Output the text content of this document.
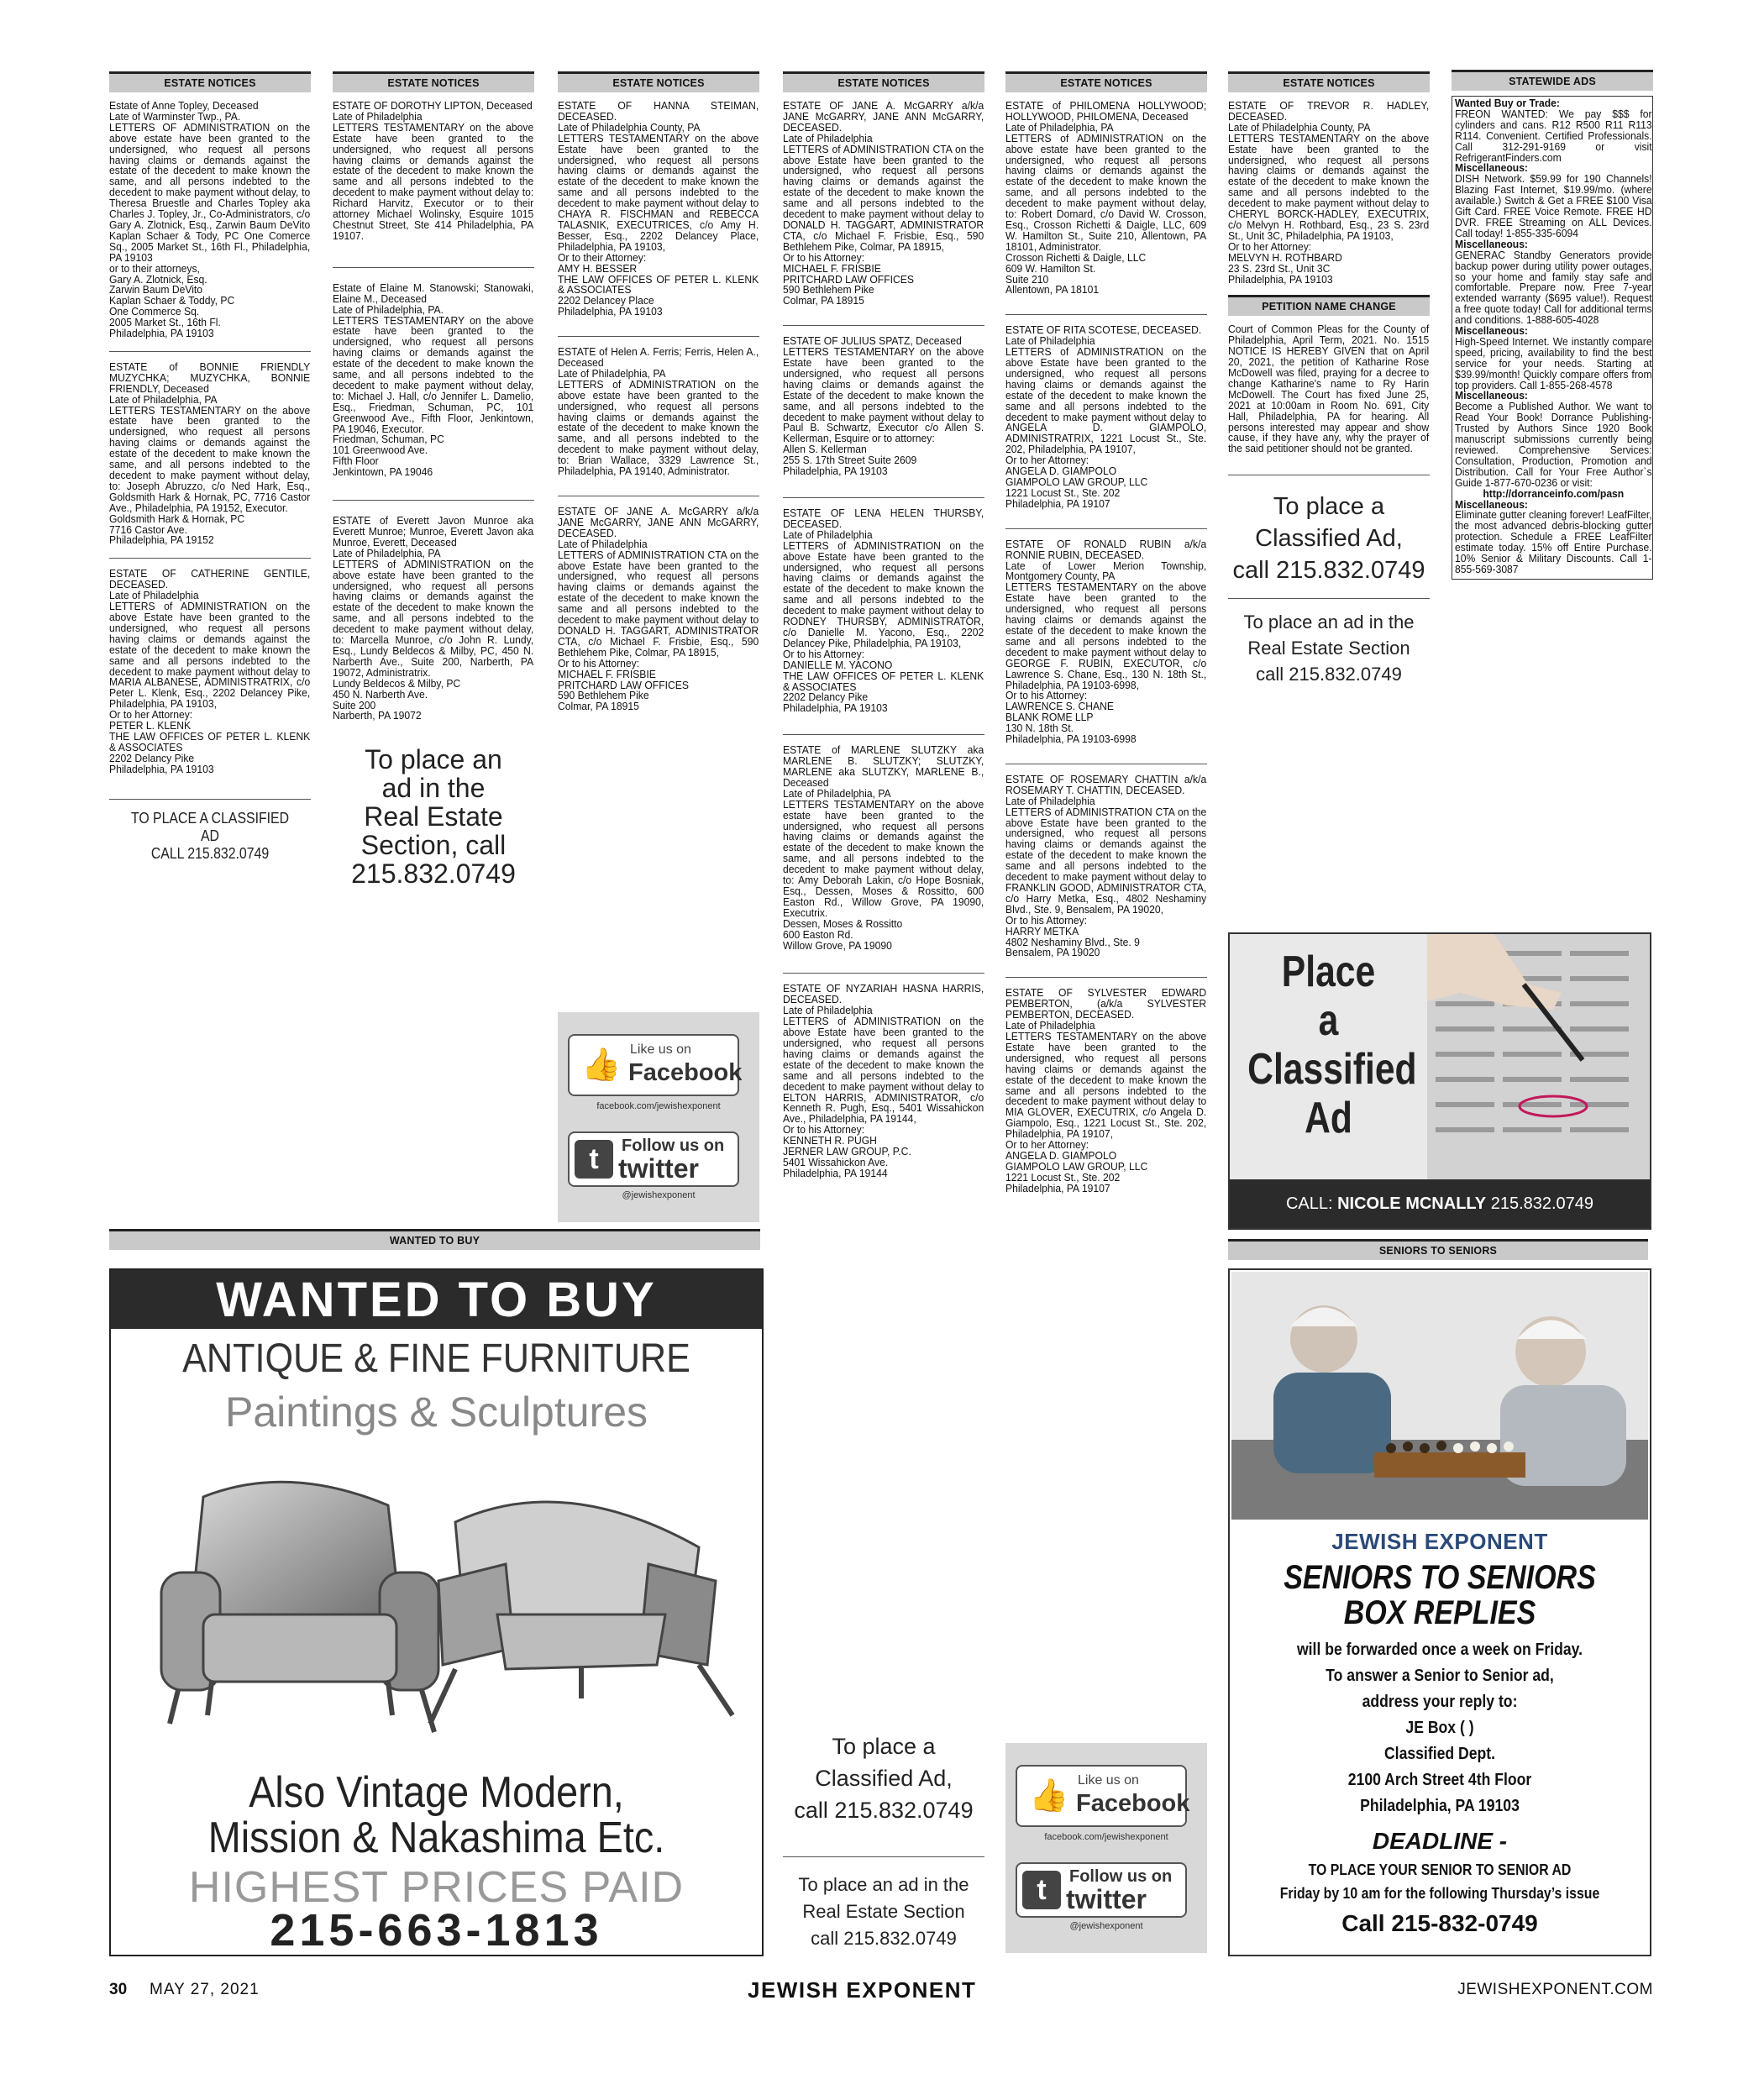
ESTATE NOTICES

Estate of Anne Topley, Deceased
Late of Warminster Twp., PA.
LETTERS OF ADMINISTRATION on the above estate have been granted to the undersigned, who request all persons having claims or demands against the estate of the decedent to make known the same, and all persons indebted to the decedent to make payment without delay, to Theresa Bruestle and Charles Topley aka Charles J. Topley, Jr., Co-Administrators, c/o Gary A. Zlotnick, Esq., Zarwin Baum DeVito Kaplan Schaer & Tody, PC One Comerce Sq., 2005 Market St., 16th Fl., Philadelphia, PA 19103
or to their attorneys,
Gary A. Zlotnick, Esq.
Zarwin Baum DeVito
Kaplan Schaer & Toddy, PC
One Commerce Sq.
2005 Market St., 16th Fl.
Philadelphia, PA 19103

ESTATE of BONNIE FRIENDLY MUZYCHKA; MUZYCHKA, BONNIE FRIENDLY, Deceased
Late of Philadelphia, PA
LETTERS TESTAMENTARY on the above estate have been granted to the undersigned, who request all persons having claims or demands against the estate of the decedent to make known the same, and all persons indebted to the decedent to make payment without delay, to: Joseph Abruzzo, c/o Ned Hark, Esq., Goldsmith Hark & Hornak, PC, 7716 Castor Ave., Philadelphia, PA 19152, Executor.
Goldsmith Hark & Hornak, PC
7716 Castor Ave.
Philadelphia, PA 19152

ESTATE OF CATHERINE GENTILE, DECEASED.
Late of Philadelphia
LETTERS of ADMINISTRATION on the above Estate have been granted to the undersigned, who request all persons having claims or demands against the estate of the decedent to make known the same and all persons indebted to the decedent to make payment without delay to MARIA ALBANESE, ADMINISTRATRIX, c/o Peter L. Klenk, Esq., 2202 Delancey Pike, Philadelphia, PA 19103,
Or to her Attorney:
PETER L. KLENK
THE LAW OFFICES OF PETER L. KLENK & ASSOCIATES
2202 Delancy Pike
Philadelphia, PA 19103

TO PLACE A CLASSIFIED AD
CALL 215.832.0749
ESTATE NOTICES

ESTATE OF DOROTHY LIPTON, Deceased
Late of Philadelphia
LETTERS TESTAMENTARY on the above Estate have been granted to the undersigned, who request all persons having claims or demands against the estate of the decedent to make known the same and all persons indebted to the decedent to make payment without delay to: Richard Harvitz, Executor or to their attorney Michael Wolinsky, Esquire 1015 Chestnut Street, Ste 414 Philadelphia, PA 19107.

Estate of Elaine M. Stanowski; Stanowaki, Elaine M., Deceased
Late of Philadelphia, PA.
LETTERS TESTAMENTARY on the above estate have been granted to the undersigned, who request all persons having claims or demands against the estate of the decedent to make known the same, and all persons indebted to the decedent to make payment without delay, to: Michael J. Hall, c/o Jennifer L. Damelio, Esq., Friedman, Schuman, PC, 101 Greenwood Ave., Fifth Floor, Jenkintown, PA 19046, Executor.
Friedman, Schuman, PC
101 Greenwood Ave.
Fifth Floor
Jenkintown, PA 19046

ESTATE of Everett Javon Munroe aka Everett Munroe; Munroe, Everett Javon aka Munroe, Everett, Deceased
Late of Philadelphia, PA
LETTERS of ADMINISTRATION on the above estate have been granted to the undersigned, who request all persons having claims or demands against the estate of the decedent to make known the same, and all persons indebted to the decedent to make payment without delay, to: Marcella Munroe, c/o John R. Lundy, Esq., Lundy Beldecos & Milby, PC, 450 N. Narberth Ave., Suite 200, Narberth, PA 19072, Administratrix.
Lundy Beldecos & Milby, PC
450 N. Narberth Ave.
Suite 200
Narberth, PA 19072

To place an
ad in the
Real Estate
Section, call
215.832.0749
ESTATE NOTICES

ESTATE OF HANNA STEIMAN, DECEASED.
Late of Philadelphia County, PA
LETTERS TESTAMENTARY on the above Estate have been granted to the undersigned, who request all persons having claims or demands against the estate of the decedent to make known the same and all persons indebted to the decedent to make payment without delay to CHAYA R. FISCHMAN and REBECCA TALASNIK, EXECUTRICES, c/o Amy H. Besser, Esq., 2202 Delancey Place, Philadelphia, PA 19103,
Or to their Attorney:
AMY H. BESSER
THE LAW OFFICES OF PETER L. KLENK & ASSOCIATES
2202 Delancey Place
Philadelphia, PA 19103

ESTATE of Helen A. Ferris; Ferris, Helen A., Deceased
Late of Philadelphia, PA
LETTERS of ADMINISTRATION on the above estate have been granted to the undersigned, who request all persons having claims or demands against the estate of the decedent to make known the same, and all persons indebted to the decedent to make payment without delay, to: Brian Wallace, 3329 Lawrence St., Philadelphia, PA 19140, Administrator.

ESTATE OF JANE A. McGARRY a/k/a JANE McGARRY, JANE ANN McGARRY, DECEASED.
Late of Philadelphia
LETTERS of ADMINISTRATION CTA on the above Estate have been granted to the undersigned, who request all persons having claims or demands against the estate of the decedent to make known the same and all persons indebted to the decedent to make payment without delay to DONALD H. TAGGART, ADMINISTRATOR CTA, c/o Michael F. Frisbie, Esq., 590 Bethlehem Pike, Colmar, PA 18915,
Or to his Attorney:
MICHAEL F. FRISBIE
PRITCHARD LAW OFFICES
590 Bethlehem Pike
Colmar, PA 18915

👍 Like us on
Facebook
facebook.com/jewishexponent
t	Follow us on
twitter
@jewishexponent
ESTATE NOTICES

ESTATE OF JANE A. McGARRY a/k/a JANE McGARRY, JANE ANN McGARRY, DECEASED.
Late of Philadelphia
LETTERS of ADMINISTRATION CTA on the above Estate have been granted to the undersigned, who request all persons having claims or demands against the estate of the decedent to make known the same and all persons indebted to the decedent to make payment without delay to DONALD H. TAGGART, ADMINISTRATOR CTA, c/o Michael F. Frisbie, Esq., 590 Bethlehem Pike, Colmar, PA 18915,
Or to his Attorney:
MICHAEL F. FRISBIE
PRITCHARD LAW OFFICES
590 Bethlehem Pike
Colmar, PA 18915

ESTATE OF JULIUS SPATZ, Deceased
LETTERS TESTAMENTARY on the above Estate have been granted to the undersigned, who request all persons having claims or demands against the Estate of the decedent to make known the same, and all persons indebted to the decedent to make payment without delay to Paul B. Schwartz, Executor c/o Allen S. Kellerman, Esquire or to attorney:
Allen S. Kellerman
255 S. 17th Street Suite 2609
Philadelphia, PA 19103

ESTATE OF LENA HELEN THURSBY, DECEASED.
Late of Philadelphia
LETTERS of ADMINISTRATION on the above Estate have been granted to the undersigned, who request all persons having claims or demands against the estate of the decedent to make known the same and all persons indebted to the decedent to make payment without delay to RODNEY THURSBY, ADMINISTRATOR, c/o Danielle M. Yacono, Esq., 2202 Delancey Pike, Philadelphia, PA 19103,
Or to his Attorney:
DANIELLE M. YACONO
THE LAW OFFICES OF PETER L. KLENK & ASSOCIATES
2202 Delancy Pike
Philadelphia, PA 19103

ESTATE of MARLENE SLUTZKY aka MARLENE B. SLUTZKY; SLUTZKY, MARLENE aka SLUTZKY, MARLENE B., Deceased
Late of Philadelphia, PA
LETTERS TESTAMENTARY on the above estate have been granted to the undersigned, who request all persons having claims or demands against the estate of the decedent to make known the same, and all persons indebted to the decedent to make payment without delay, to: Amy Deborah Lakin, c/o Hope Bosniak, Esq., Dessen, Moses & Rossitto, 600 Easton Rd., Willow Grove, PA 19090, Executrix.
Dessen, Moses & Rossitto
600 Easton Rd.
Willow Grove, PA 19090

ESTATE OF NYZARIAH HASNA HARRIS, DECEASED.
Late of Philadelphia
LETTERS of ADMINISTRATION on the above Estate have been granted to the undersigned, who request all persons having claims or demands against the estate of the decedent to make known the same and all persons indebted to the decedent to make payment without delay to ELTON HARRIS, ADMINISTRATOR, c/o Kenneth R. Pugh, Esq., 5401 Wissahickon Ave., Philadelphia, PA 19144,
Or to his Attorney:
KENNETH R. PUGH
JERNER LAW GROUP, P.C.
5401 Wissahickon Ave.
Philadelphia, PA 19144

To place a
Classified Ad,
call 215.832.0749
To place an ad in the
Real Estate Section
call 215.832.0749
ESTATE NOTICES

ESTATE of PHILOMENA HOLLYWOOD; HOLLYWOOD, PHILOMENA, Deceased
Late of Philadelphia, PA
LETTERS of ADMINISTRATION on the above estate have been granted to the undersigned, who request all persons having claims or demands against the estate of the decedent to make known the same, and all persons indebted to the decedent to make payment without delay, to: Robert Domard, c/o David W. Crosson, Esq., Crosson Richetti & Daigle, LLC, 609 W. Hamilton St., Suite 210, Allentown, PA 18101, Administrator.
Crosson Richetti & Daigle, LLC
609 W. Hamilton St.
Suite 210
Allentown, PA 18101

ESTATE OF RITA SCOTESE, DECEASED.
Late of Philadelphia
LETTERS of ADMINISTRATION on the above Estate have been granted to the undersigned, who request all persons having claims or demands against the estate of the decedent to make known the same and all persons indebted to the decedent to make payment without delay to ANGELA D. GIAMPOLO, ADMINISTRATRIX, 1221 Locust St., Ste. 202, Philadelphia, PA 19107,
Or to her Attorney:
ANGELA D. GIAMPOLO
GIAMPOLO LAW GROUP, LLC
1221 Locust St., Ste. 202
Philadelphia, PA 19107

ESTATE OF RONALD RUBIN a/k/a RONNIE RUBIN, DECEASED.
Late of Lower Merion Township, Montgomery County, PA
LETTERS TESTAMENTARY on the above Estate have been granted to the undersigned, who request all persons having claims or demands against the estate of the decedent to make known the same and all persons indebted to the decedent to make payment without delay to GEORGE F. RUBIN, EXECUTOR, c/o Lawrence S. Chane, Esq., 130 N. 18th St., Philadelphia, PA 19103-6998,
Or to his Attorney:
LAWRENCE S. CHANE
BLANK ROME LLP
130 N. 18th St.
Philadelphia, PA 19103-6998

ESTATE OF ROSEMARY CHATTIN a/k/a ROSEMARY T. CHATTIN, DECEASED.
Late of Philadelphia
LETTERS of ADMINISTRATION CTA on the above Estate have been granted to the undersigned, who request all persons having claims or demands against the estate of the decedent to make known the same and all persons indebted to the decedent to make payment without delay to FRANKLIN GOOD, ADMINISTRATOR CTA, c/o Harry Metka, Esq., 4802 Neshaminy Blvd., Ste. 9, Bensalem, PA 19020,
Or to his Attorney:
HARRY METKA
4802 Neshaminy Blvd., Ste. 9
Bensalem, PA 19020

ESTATE OF SYLVESTER EDWARD PEMBERTON, (a/k/a SYLVESTER PEMBERTON, DECEASED.
Late of Philadelphia
LETTERS TESTAMENTARY on the above Estate have been granted to the undersigned, who request all persons having claims or demands against the estate of the decedent to make known the same and all persons indebted to the decedent to make payment without delay to MIA GLOVER, EXECUTRIX, c/o Angela D. Giampolo, Esq., 1221 Locust St., Ste. 202, Philadelphia, PA 19107,
Or to her Attorney:
ANGELA D. GIAMPOLO
GIAMPOLO LAW GROUP, LLC
1221 Locust St., Ste. 202
Philadelphia, PA 19107

👍 Like us on
Facebook
facebook.com/jewishexponent
t	Follow us on
twitter
@jewishexponent
ESTATE NOTICES

ESTATE OF TREVOR R. HADLEY, DECEASED.
Late of Philadelphia County, PA
LETTERS TESTAMENTARY on the above Estate have been granted to the undersigned, who request all persons having claims or demands against the estate of the decedent to make known the same and all persons indebted to the decedent to make payment without delay to CHERYL BORCK-HADLEY, EXECUTRIX, c/o Melvyn H. Rothbard, Esq., 23 S. 23rd St., Unit 3C, Philadelphia, PA 19103,
Or to her Attorney:
MELVYN H. ROTHBARD
23 S. 23rd St., Unit 3C
Philadelphia, PA 19103

PETITION NAME CHANGE

Court of Common Pleas for the County of Philadelphia, April Term, 2021. No. 1515 NOTICE IS HEREBY GIVEN that on April 20, 2021, the petition of Katharine Rose McDowell was filed, praying for a decree to change Katharine's name to Ry Harin McDowell. The Court has fixed June 25, 2021 at 10:00am in Room No. 691, City Hall, Philadelphia, PA for hearing. All persons interested may appear and show cause, if they have any, why the prayer of the said petitioner should not be granted.

To place a
Classified Ad,
call 215.832.0749
To place an ad in the
Real Estate Section
call 215.832.0749
STATEWIDE ADS
Wanted Buy or Trade:
FREON WANTED: We pay $$$ for cylinders and cans. R12 R500 R11 R113 R114. Convenient. Certified Professionals. Call 312-291-9169 or visit RefrigerantFinders.com
Miscellaneous:
DISH Network. $59.99 for 190 Channels! Blazing Fast Internet, $19.99/mo. (where available.) Switch & Get a FREE $100 Visa Gift Card. FREE Voice Remote. FREE HD DVR. FREE Streaming on ALL Devices. Call today! 1-855-335-6094
Miscellaneous:
GENERAC Standby Generators provide backup power during utility power outages, so your home and family stay safe and comfortable. Prepare now. Free 7-year extended warranty ($695 value!). Request a free quote today! Call for additional terms and conditions. 1-888-605-4028
Miscellaneous:
High-Speed Internet. We instantly compare speed, pricing, availability to find the best service for your needs. Starting at $39.99/month! Quickly compare offers from top providers. Call 1-855-268-4578
Miscellaneous:
Become a Published Author. We want to Read Your Book! Dorrance Publishing-Trusted by Authors Since 1920 Book manuscript submissions currently being reviewed. Comprehensive Services: Consultation, Production, Promotion and Distribution. Call for Your Free Author`s Guide 1-877-670-0236 or visit:

http://dorranceinfo.com/pasn
Miscellaneous:
Eliminate gutter cleaning forever! LeafFilter, the most advanced debris-blocking gutter protection. Schedule a FREE LeafFilter estimate today. 15% off Entire Purchase. 10% Senior & Military Discounts. Call 1-855-569-3087
Place
a
Classified
Ad
CALL: NICOLE MCNALLY 215.832.0749
SENIORS TO SENIORS
JEWISH EXPONENT
SENIORS TO SENIORS
BOX REPLIES
will be forwarded once a week on Friday.
To answer a Senior to Senior ad,
address your reply to:
JE Box ( )
Classified Dept.
2100 Arch Street 4th Floor
Philadelphia, PA 19103
DEADLINE -
TO PLACE YOUR SENIOR TO SENIOR AD
Friday by 10 am for the following Thursday’s issue
Call 215-832-0749
WANTED TO BUY
WANTED TO BUY
ANTIQUE & FINE FURNITURE
Paintings & Sculptures
Also Vintage Modern,
Mission & Nakashima Etc.
HIGHEST PRICES PAID
215-663-1813
30 MAY 27, 2021	JEWISH EXPONENT	JEWISHEXPONENT.COM
